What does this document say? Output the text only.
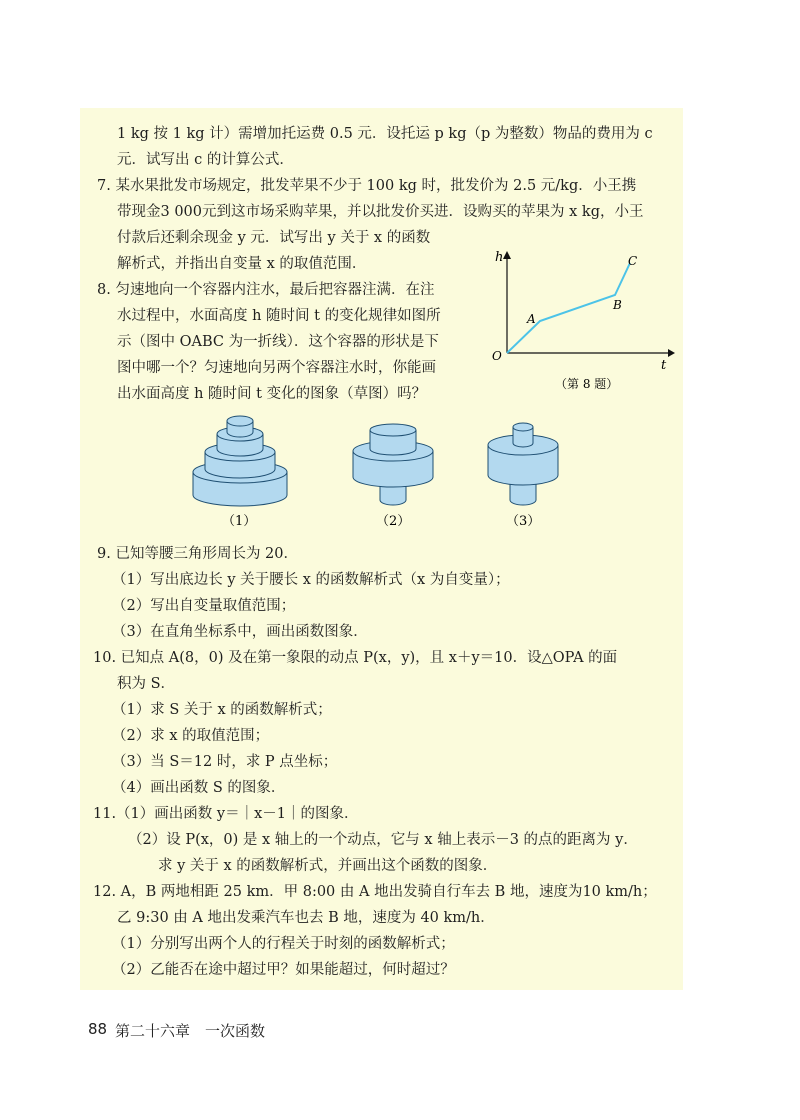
1 kg 按 1 kg 计）需增加托运费 0.5 元．设托运 p kg（p 为整数）物品的费用为 c
元．试写出 c 的计算公式．
7. 某水果批发市场规定，批发苹果不少于 100 kg 时，批发价为 2.5 元/kg．小王携
带现金3 000元到这市场采购苹果，并以批发价买进．设购买的苹果为 x kg，小王
付款后还剩余现金 y 元．试写出 y 关于 x 的函数
解析式，并指出自变量 x 的取值范围．
8. 匀速地向一个容器内注水，最后把容器注满．在注
水过程中，水面高度 h 随时间 t 的变化规律如图所
示（图中 OABC 为一折线）．这个容器的形状是下
图中哪一个？匀速地向另两个容器注水时，你能画
出水面高度 h 随时间 t 变化的图象（草图）吗？
h
t
O
A
B
C
（第 8 题）
（1）	（2）	（3）
9. 已知等腰三角形周长为 20．
（1）写出底边长 y 关于腰长 x 的函数解析式（x 为自变量）；
（2）写出自变量取值范围；
（3）在直角坐标系中，画出函数图象．
10. 已知点 A(8，0) 及在第一象限的动点 P(x，y)，且 x＋y＝10．设△OPA 的面
积为 S．
（1）求 S 关于 x 的函数解析式；
（2）求 x 的取值范围；
（3）当 S＝12 时，求 P 点坐标；
（4）画出函数 S 的图象．
11.（1）画出函数 y＝｜x－1｜的图象．
（2）设 P(x，0) 是 x 轴上的一个动点，它与 x 轴上表示－3 的点的距离为 y．
求 y 关于 x 的函数解析式，并画出这个函数的图象．
12. A，B 两地相距 25 km．甲 8:00 由 A 地出发骑自行车去 B 地，速度为10 km/h；
乙 9:30 由 A 地出发乘汽车也去 B 地，速度为 40 km/h．
（1）分别写出两个人的行程关于时刻的函数解析式；
（2）乙能否在途中超过甲？如果能超过，何时超过？
88 第二十六章　一次函数
